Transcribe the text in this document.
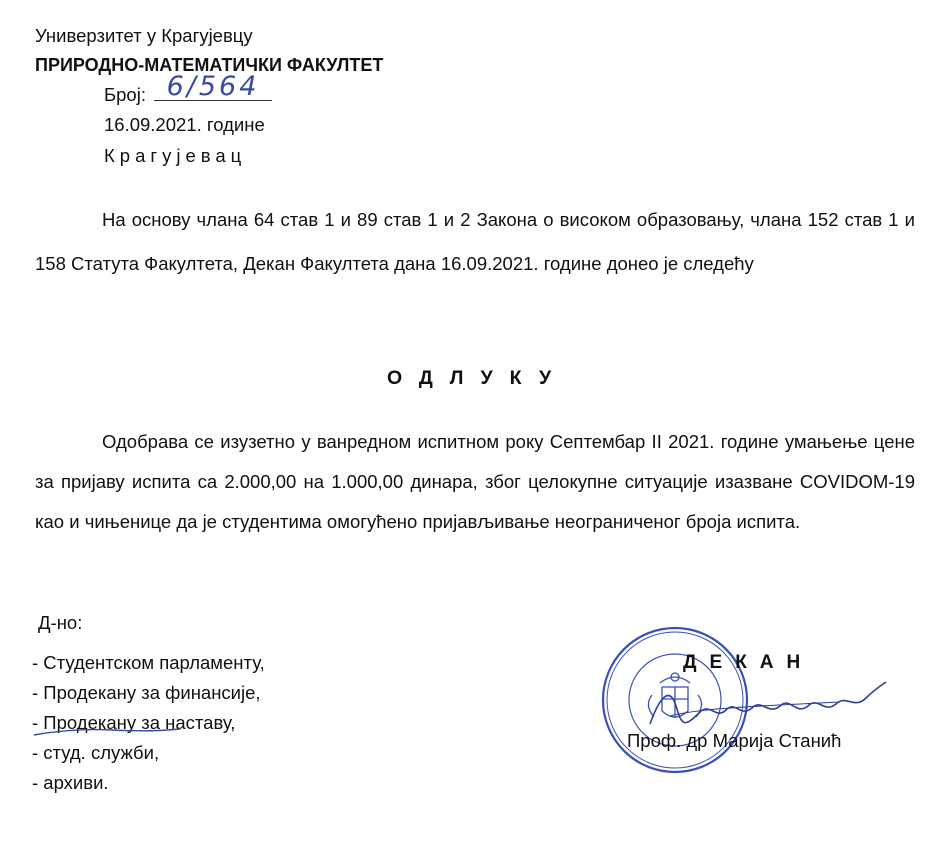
Универзитет у Крагујевцу
ПРИРОДНО-МАТЕМАТИЧКИ ФАКУЛТЕТ
Број: 6/564
16.09.2021. године
Крагујевац
На основу члана 64 став 1 и 89 став 1 и 2 Закона о високом образовању, члана 152 став 1 и 158 Статута Факултета, Декан Факултета дана 16.09.2021. године донео је следећу
ОДЛУКУ
Одобрава се изузетно у ванредном испитном року Септембар II 2021. године умањење цене за пријаву испита са 2.000,00 на 1.000,00 динара, због целокупне ситуације изазване COVIDOM-19 као и чињенице да је студентима омогућено пријављивање неограниченог броја испита.
Д-но:
- Студентском парламенту,
- Продекану за финансије,
- Продекану за наставу,
- студ. служби,
- архиви.
ДЕКАН
Проф. др Марија Станић
